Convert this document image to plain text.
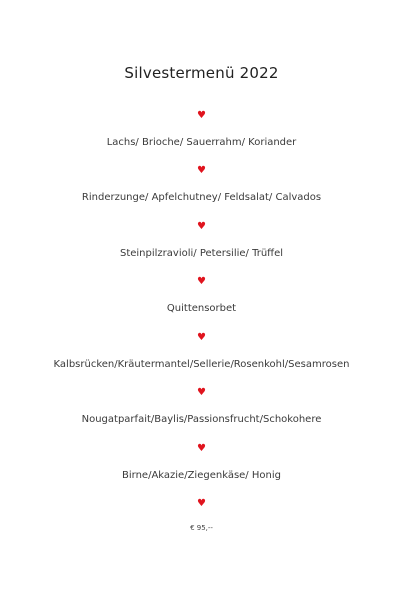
Silvestermenü 2022
♥
Lachs/ Brioche/ Sauerrahm/ Koriander
♥
Rinderzunge/ Apfelchutney/ Feldsalat/ Calvados
♥
Steinpilzravioli/ Petersilie/ Trüffel
♥
Quittensorbet
♥
Kalbsrücken/Kräutermantel/Sellerie/Rosenkohl/Sesamrosen
♥
Nougatparfait/Baylis/Passionsfrucht/Schokohere
♥
Birne/Akazie/Ziegenkäse/ Honig
♥
€ 95,--
